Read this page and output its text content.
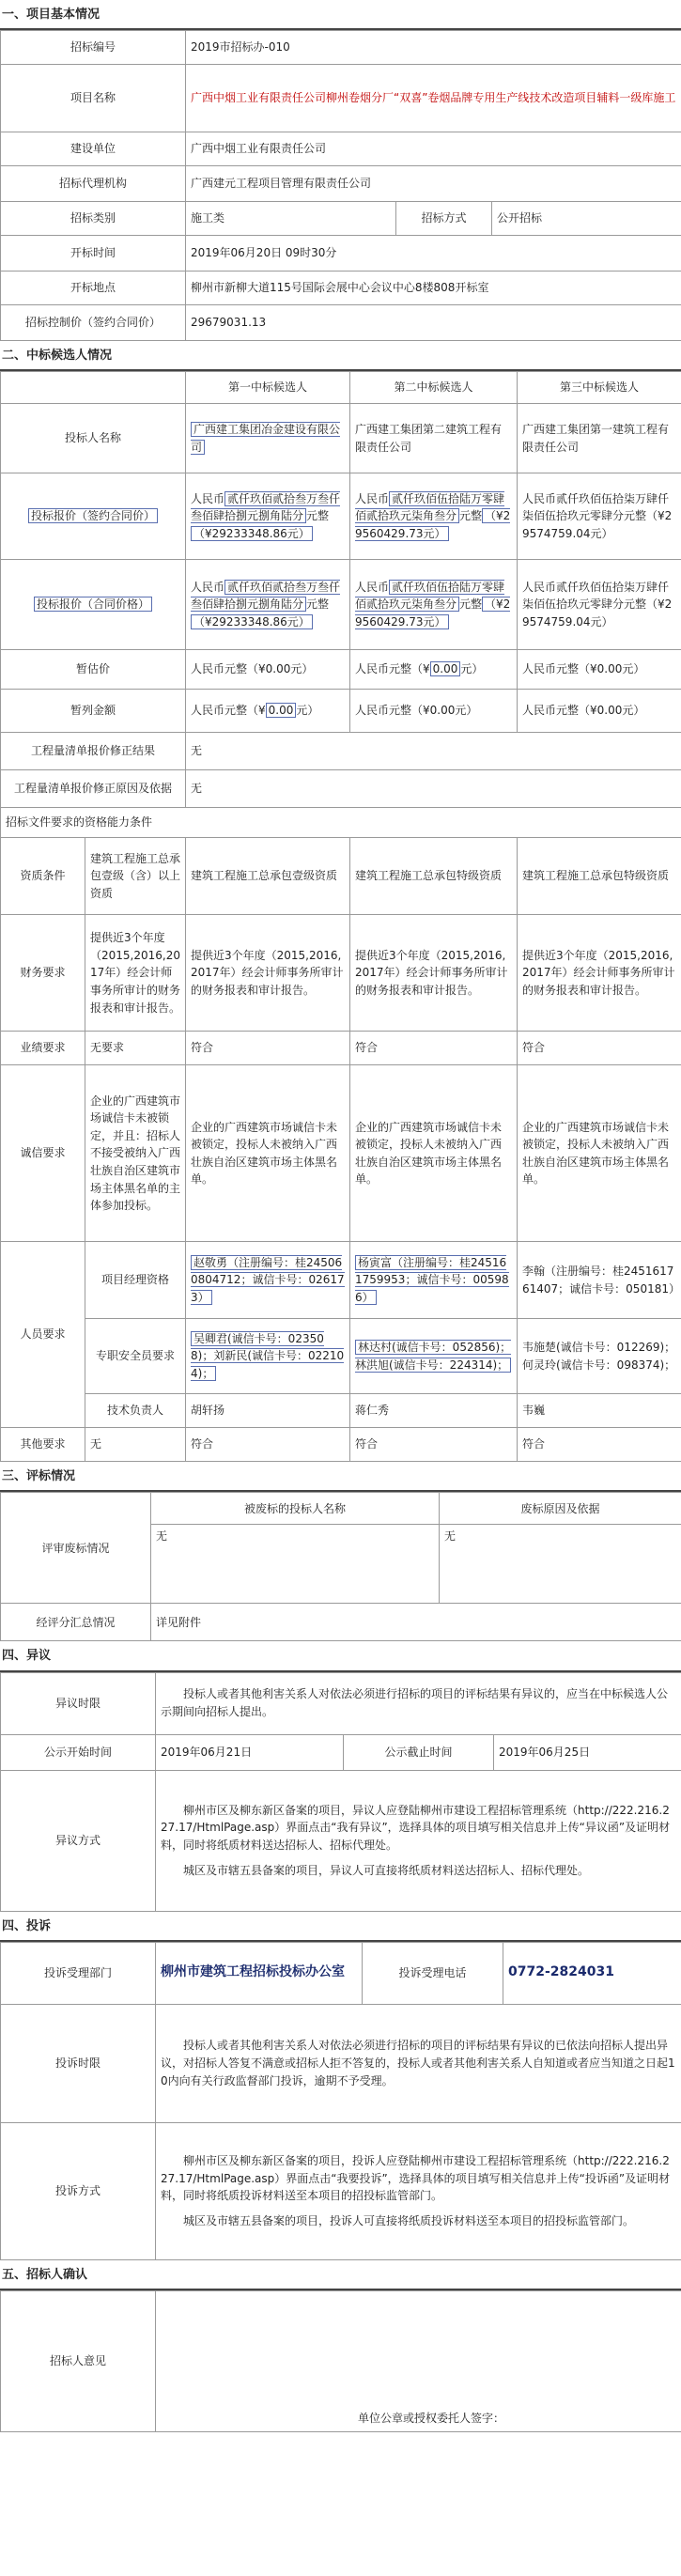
一、项目基本情况
招标编号	2019市招标办-010		
项目名称	广西中烟工业有限责任公司柳州卷烟分厂“双喜”卷烟品牌专用生产线技术改造项目辅料一级库施工		
建设单位	广西中烟工业有限责任公司		
招标代理机构	广西建元工程项目管理有限责任公司		
招标类别	施工类	招标方式	公开招标
开标时间	2019年06月20日 09时30分		
开标地点	柳州市新柳大道115号国际会展中心会议中心8楼808开标室		
招标控制价（签约合同价）	29679031.13		
二、中标候选人情况
		第一中标候选人	第二中标候选人	第三中标候选人
投标人名称		广西建工集团冶金建设有限公司	广西建工集团第二建筑工程有限责任公司	广西建工集团第一建筑工程有限责任公司
投标报价（签约合同价）		人民币 贰仟玖佰贰拾叁万叁仟叁佰肆拾捌元捌角陆分 元整（¥29233348.86元）	人民币 贰仟玖佰伍拾陆万零肆佰贰拾玖元柒角叁分 元整 （¥29560429.73元）	人民币贰仟玖佰伍拾柒万肆仟柒佰伍拾玖元零肆分元整（¥29574759.04元）
投标报价（合同价格）		人民币 贰仟玖佰贰拾叁万叁仟叁佰肆拾捌元捌角陆分 元整（¥29233348.86元）	人民币 贰仟玖佰伍拾陆万零肆佰贰拾玖元柒角叁分 元整 （¥29560429.73元）	人民币贰仟玖佰伍拾柒万肆仟柒佰伍拾玖元零肆分元整（¥29574759.04元）
暂估价		人民币元整（¥0.00元）	人民币元整（¥ 0.00 元）	人民币元整（¥0.00元）
暂列金额		人民币元整（¥ 0.00 元）	人民币元整（¥0.00元）	人民币元整（¥0.00元）
工程量清单报价修正结果		无		
工程量清单报价修正原因及依据		无		
招标文件要求的资格能力条件				
资质条件	建筑工程施工总承包壹级（含）以上资质	建筑工程施工总承包壹级资质	建筑工程施工总承包特级资质	建筑工程施工总承包特级资质
财务要求	提供近3个年度（2015,2016,2017年）经会计师事务所审计的财务报表和审计报告。	提供近3个年度（2015,2016,2017年）经会计师事务所审计的财务报表和审计报告。	提供近3个年度（2015,2016,2017年）经会计师事务所审计的财务报表和审计报告。	提供近3个年度（2015,2016,2017年）经会计师事务所审计的财务报表和审计报告。
业绩要求	无要求	符合	符合	符合
诚信要求	企业的广西建筑市场诚信卡未被锁定，并且：招标人不接受被纳入广西壮族自治区建筑市场主体黑名单的主体参加投标。	企业的广西建筑市场诚信卡未被锁定，投标人未被纳入广西壮族自治区建筑市场主体黑名单。	企业的广西建筑市场诚信卡未被锁定，投标人未被纳入广西壮族自治区建筑市场主体黑名单。	企业的广西建筑市场诚信卡未被锁定，投标人未被纳入广西壮族自治区建筑市场主体黑名单。
人员要求	项目经理资格	赵敬勇（注册编号：桂245060804712；诚信卡号：026173）	杨寅富（注册编号：桂245161759953；诚信卡号：005986）	李翰（注册编号：桂245161761407；诚信卡号：050181）
	专职安全员要求	吴卿君(诚信卡号：023508)；刘新民(诚信卡号：022104)；	林达村(诚信卡号：052856)；林洪旭(诚信卡号：224314)；	韦施楚(诚信卡号：012269)；何灵玲(诚信卡号：098374)；
	技术负责人	胡轩扬	蒋仁秀	韦巍
其他要求	无	符合	符合	符合
三、评标情况
评审废标情况	被废标的投标人名称	废标原因及依据
	无	无
经评分汇总情况	详见附件	
四、异议
异议时限	投标人或者其他利害关系人对依法必须进行招标的项目的评标结果有异议的，应当在中标候选人公示期间向招标人提出。		
公示开始时间	2019年06月21日	公示截止时间	2019年06月25日
异议方式	柳州市区及柳东新区备案的项目，异议人应登陆柳州市建设工程招标管理系统（http://222.216.227.17/HtmlPage.asp）界面点击“我有异议”，选择具体的项目填写相关信息并上传“异议函”及证明材料，同时将纸质材料送达招标人、招标代理处。

城区及市辖五县备案的项目，异议人可直接将纸质材料送达招标人、招标代理处。		

四、投诉
投诉受理部门	柳州市建筑工程招标投标办公室	投诉受理电话	0772-2824031
投诉时限	投标人或者其他利害关系人对依法必须进行招标的项目的评标结果有异议的已依法向招标人提出异议，对招标人答复不满意或招标人拒不答复的，投标人或者其他利害关系人自知道或者应当知道之日起10内向有关行政监督部门投诉，逾期不予受理。		
投诉方式	柳州市区及柳东新区备案的项目，投诉人应登陆柳州市建设工程招标管理系统（http://222.216.227.17/HtmlPage.asp）界面点击“我要投诉”，选择具体的项目填写相关信息并上传“投诉函”及证明材料，同时将纸质投诉材料送至本项目的招投标监管部门。

城区及市辖五县备案的项目，投诉人可直接将纸质投诉材料送至本项目的招投标监管部门。		

五、招标人确认
招标人意见	单位公章或授权委托人签字：
